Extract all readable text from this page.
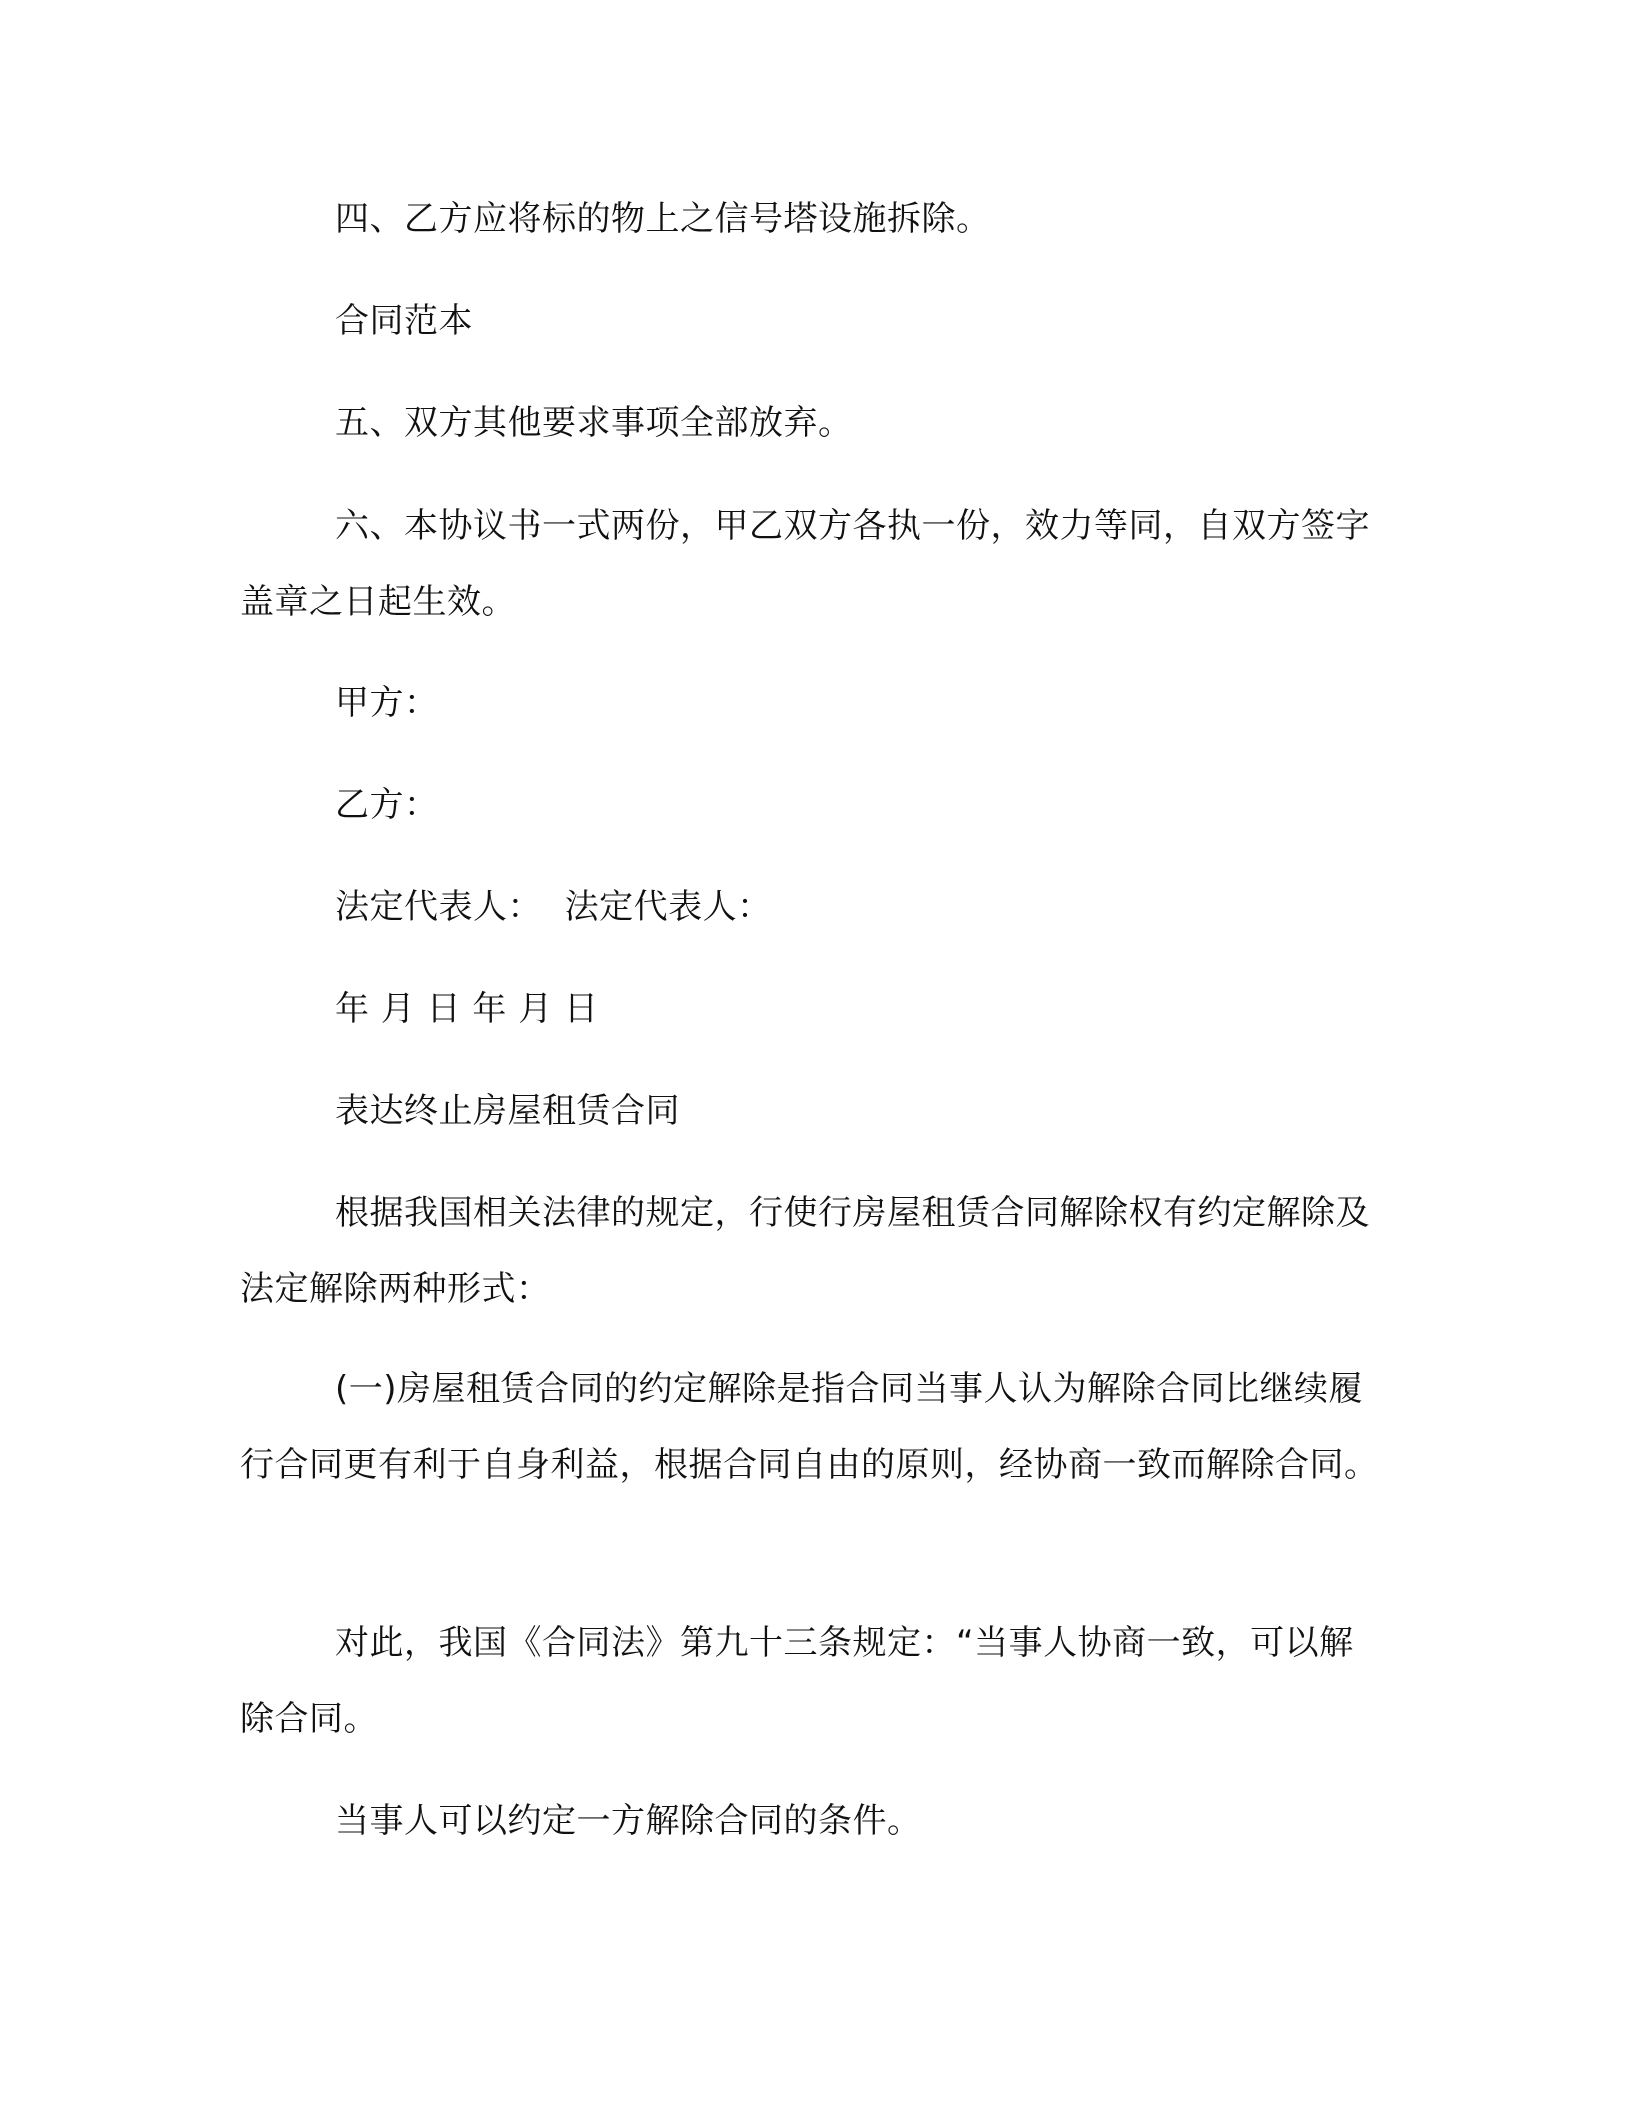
四、乙方应将标的物上之信号塔设施拆除。

合同范本

五、双方其他要求事项全部放弃。

六、本协议书一式两份，甲乙双方各执一份，效力等同，自双方签字盖章之日起生效。

甲方：

乙方：

法定代表人：  法定代表人：

年 月 日 年 月 日

表达终止房屋租赁合同

根据我国相关法律的规定，行使行房屋租赁合同解除权有约定解除及法定解除两种形式：

(一)房屋租赁合同的约定解除是指合同当事人认为解除合同比继续履行合同更有利于自身利益，根据合同自由的原则，经协商一致而解除合同。

对此，我国《合同法》第九十三条规定：“当事人协商一致，可以解除合同。

当事人可以约定一方解除合同的条件。
